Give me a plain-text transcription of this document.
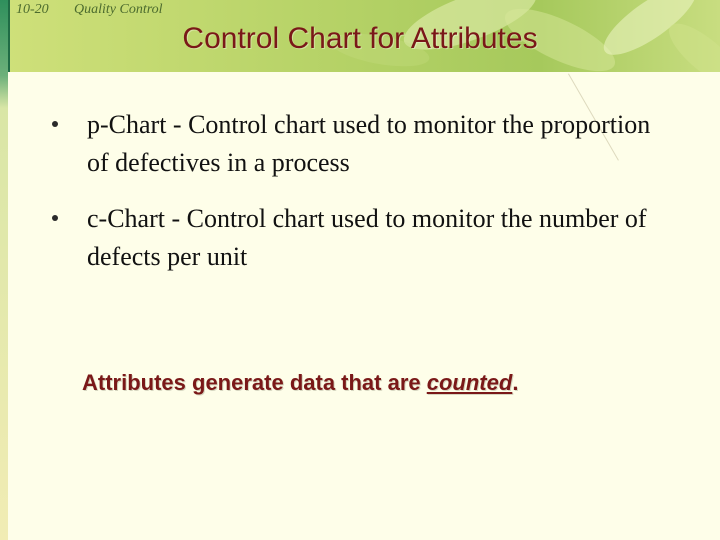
10-20 Quality Control
Control Chart for Attributes
p-Chart - Control chart used to monitor the proportion of defectives in a process
c-Chart - Control chart used to monitor the number of defects per unit
Attributes generate data that are counted.
